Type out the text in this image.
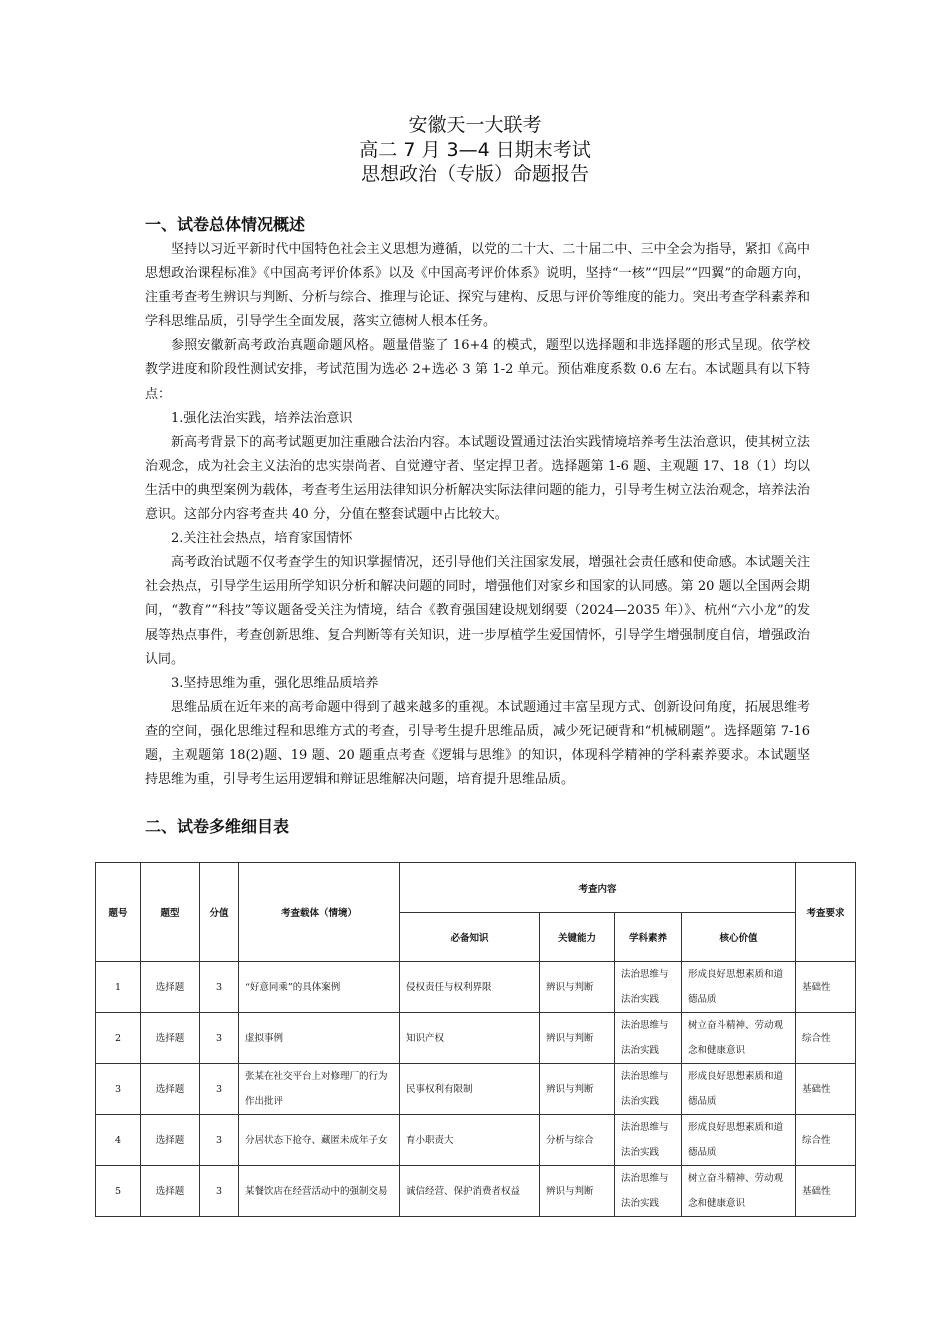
安徽天一大联考
高二 7 月 3—4 日期末考试
思想政治（专版）命题报告
一、试卷总体情况概述

坚持以习近平新时代中国特色社会主义思想为遵循，以党的二十大、二十届二中、三中全会为指导，紧扣《高中思想政治课程标准》《中国高考评价体系》以及《中国高考评价体系》说明，坚持“一核”“四层”“四翼”的命题方向，注重考查考生辨识与判断、分析与综合、推理与论证、探究与建构、反思与评价等维度的能力。突出考查学科素养和学科思维品质，引导学生全面发展，落实立德树人根本任务。

参照安徽新高考政治真题命题风格。题量借鉴了 16+4 的模式，题型以选择题和非选择题的形式呈现。依学校教学进度和阶段性测试安排，考试范围为选必 2+选必 3 第 1-2 单元。预估难度系数 0.6 左右。本试题具有以下特点：

1.强化法治实践，培养法治意识

新高考背景下的高考试题更加注重融合法治内容。本试题设置通过法治实践情境培养考生法治意识，使其树立法治观念，成为社会主义法治的忠实崇尚者、自觉遵守者、坚定捍卫者。选择题第 1-6 题、主观题 17、18（1）均以生活中的典型案例为载体，考查考生运用法律知识分析解决实际法律问题的能力，引导考生树立法治观念，培养法治意识。这部分内容考查共 40 分，分值在整套试题中占比较大。

2.关注社会热点，培育家国情怀

高考政治试题不仅考查学生的知识掌握情况，还引导他们关注国家发展，增强社会责任感和使命感。本试题关注社会热点，引导学生运用所学知识分析和解决问题的同时，增强他们对家乡和国家的认同感。第 20 题以全国两会期间，“教育”“科技”等议题备受关注为情境，结合《教育强国建设规划纲要（2024—2035 年）》、杭州“六小龙”的发展等热点事件，考查创新思维、复合判断等有关知识，进一步厚植学生爱国情怀，引导学生增强制度自信，增强政治认同。

3.坚持思维为重，强化思维品质培养

思维品质在近年来的高考命题中得到了越来越多的重视。本试题通过丰富呈现方式、创新设问角度，拓展思维考查的空间，强化思维过程和思维方式的考查，引导考生提升思维品质，减少死记硬背和“机械刷题”。选择题第 7-16 题，主观题第 18(2)题、19 题、20 题重点考查《逻辑与思维》的知识，体现科学精神的学科素养要求。本试题坚持思维为重，引导考生运用逻辑和辩证思维解决问题，培育提升思维品质。

二、试卷多维细目表
题号	题型	分值	考查载体（情境）	考查内容				考查要求
				必备知识	关键能力	学科素养	核心价值	
1	选择题	3	“好意同乘”的具体案例	侵权责任与权利界限	辨识与判断	法治思维与法治实践	形成良好思想素质和道德品质	基础性
2	选择题	3	虚拟事例	知识产权	辨识与判断	法治思维与法治实践	树立奋斗精神、劳动观念和健康意识	综合性
3	选择题	3	张某在社交平台上对修理厂的行为作出批评	民事权利有限制	辨识与判断	法治思维与法治实践	形成良好思想素质和道德品质	基础性
4	选择题	3	分居状态下抢夺、藏匿未成年子女	育小职责大	分析与综合	法治思维与法治实践	形成良好思想素质和道德品质	综合性
5	选择题	3	某餐饮店在经营活动中的强制交易	诚信经营、保护消费者权益	辨识与判断	法治思维与法治实践	树立奋斗精神、劳动观念和健康意识	基础性
